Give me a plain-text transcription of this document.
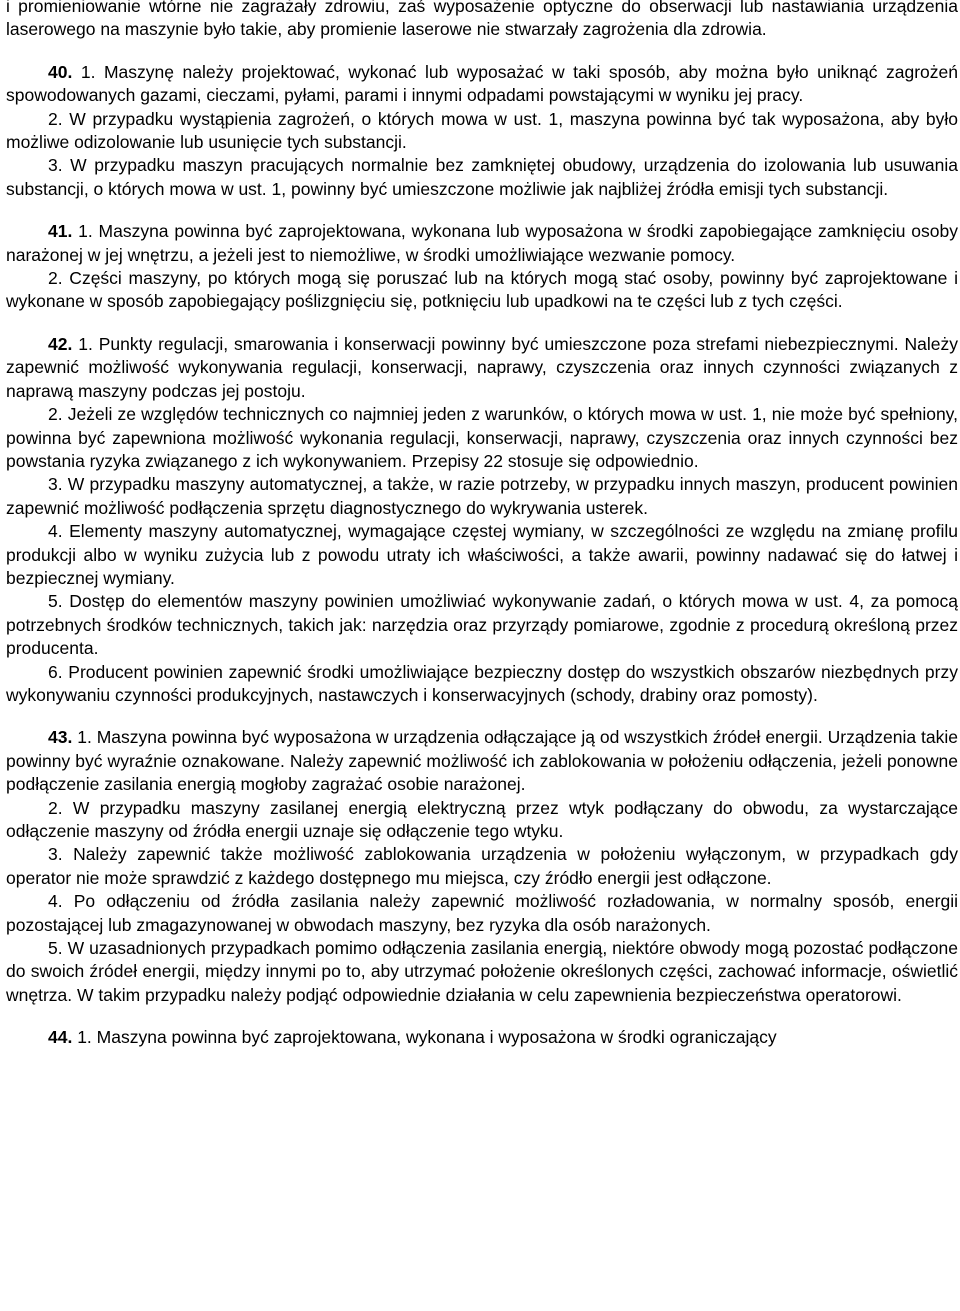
i promieniowanie wtórne nie zagrażały zdrowiu, zaś wyposażenie optyczne do obserwacji lub nastawiania urządzenia laserowego na maszynie było takie, aby promienie laserowe nie stwarzały zagrożenia dla zdrowia.

40. 1. Maszynę należy projektować, wykonać lub wyposażać w taki sposób, aby można było uniknąć zagrożeń spowodowanych gazami, cieczami, pyłami, parami i innymi odpadami powstającymi w wyniku jej pracy.

2. W przypadku wystąpienia zagrożeń, o których mowa w ust. 1, maszyna powinna być tak wyposażona, aby było możliwe odizolowanie lub usunięcie tych substancji.

3. W przypadku maszyn pracujących normalnie bez zamkniętej obudowy, urządzenia do izolowania lub usuwania substancji, o których mowa w ust. 1, powinny być umieszczone możliwie jak najbliżej źródła emisji tych substancji.

41. 1. Maszyna powinna być zaprojektowana, wykonana lub wyposażona w środki zapobiegające zamknięciu osoby narażonej w jej wnętrzu, a jeżeli jest to niemożliwe, w środki umożliwiające wezwanie pomocy.

2. Części maszyny, po których mogą się poruszać lub na których mogą stać osoby, powinny być zaprojektowane i wykonane w sposób zapobiegający poślizgnięciu się, potknięciu lub upadkowi na te części lub z tych części.

42. 1. Punkty regulacji, smarowania i konserwacji powinny być umieszczone poza strefami niebezpiecznymi. Należy zapewnić możliwość wykonywania regulacji, konserwacji, naprawy, czyszczenia oraz innych czynności związanych z naprawą maszyny podczas jej postoju.

2. Jeżeli ze względów technicznych co najmniej jeden z warunków, o których mowa w ust. 1, nie może być spełniony, powinna być zapewniona możliwość wykonania regulacji, konserwacji, naprawy, czyszczenia oraz innych czynności bez powstania ryzyka związanego z ich wykonywaniem. Przepisy 22 stosuje się odpowiednio.

3. W przypadku maszyny automatycznej, a także, w razie potrzeby, w przypadku innych maszyn, producent powinien zapewnić możliwość podłączenia sprzętu diagnostycznego do wykrywania usterek.

4. Elementy maszyny automatycznej, wymagające częstej wymiany, w szczególności ze względu na zmianę profilu produkcji albo w wyniku zużycia lub z powodu utraty ich właściwości, a także awarii, powinny nadawać się do łatwej i bezpiecznej wymiany.

5. Dostęp do elementów maszyny powinien umożliwiać wykonywanie zadań, o których mowa w ust. 4, za pomocą potrzebnych środków technicznych, takich jak: narzędzia oraz przyrządy pomiarowe, zgodnie z procedurą określoną przez producenta.

6. Producent powinien zapewnić środki umożliwiające bezpieczny dostęp do wszystkich obszarów niezbędnych przy wykonywaniu czynności produkcyjnych, nastawczych i konserwacyjnych (schody, drabiny oraz pomosty).

43. 1. Maszyna powinna być wyposażona w urządzenia odłączające ją od wszystkich źródeł energii. Urządzenia takie powinny być wyraźnie oznakowane. Należy zapewnić możliwość ich zablokowania w położeniu odłączenia, jeżeli ponowne podłączenie zasilania energią mogłoby zagrażać osobie narażonej.

2. W przypadku maszyny zasilanej energią elektryczną przez wtyk podłączany do obwodu, za wystarczające odłączenie maszyny od źródła energii uznaje się odłączenie tego wtyku.

3. Należy zapewnić także możliwość zablokowania urządzenia w położeniu wyłączonym, w przypadkach gdy operator nie może sprawdzić z każdego dostępnego mu miejsca, czy źródło energii jest odłączone.

4. Po odłączeniu od źródła zasilania należy zapewnić możliwość rozładowania, w normalny sposób, energii pozostającej lub zmagazynowanej w obwodach maszyny, bez ryzyka dla osób narażonych.

5. W uzasadnionych przypadkach pomimo odłączenia zasilania energią, niektóre obwody mogą pozostać podłączone do swoich źródeł energii, między innymi po to, aby utrzymać położenie określonych części, zachować informacje, oświetlić wnętrza. W takim przypadku należy podjąć odpowiednie działania w celu zapewnienia bezpieczeństwa operatorowi.

44. 1. Maszyna powinna być zaprojektowana, wykonana i wyposażona w środki ograniczający
